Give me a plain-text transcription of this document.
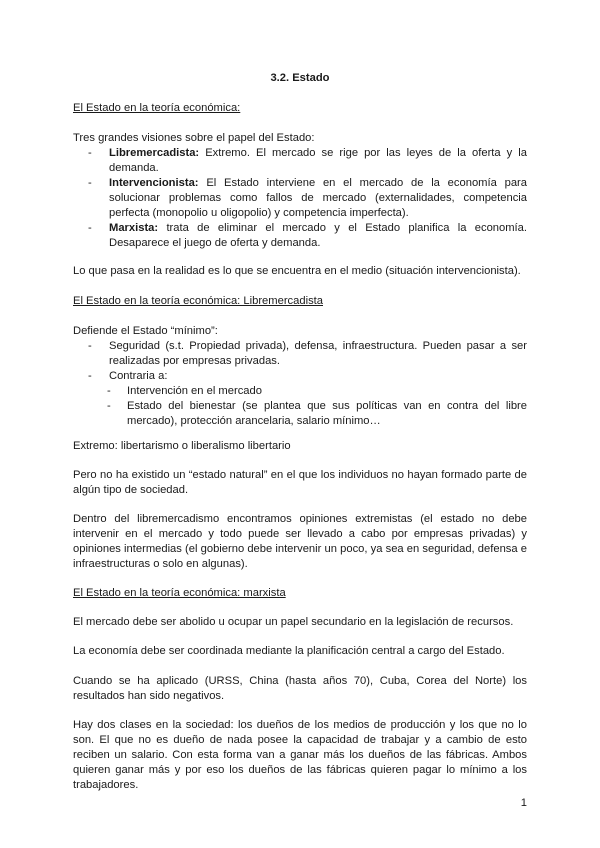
3.2. Estado

El Estado en la teoría económica:

Tres grandes visiones sobre el papel del Estado:

- Libremercadista: Extremo. El mercado se rige por las leyes de la oferta y la demanda.
- Intervencionista: El Estado interviene en el mercado de la economía para solucionar problemas como fallos de mercado (externalidades, competencia perfecta (monopolio u oligopolio) y competencia imperfecta).
- Marxista: trata de eliminar el mercado y el Estado planifica la economía. Desaparece el juego de oferta y demanda.

Lo que pasa en la realidad es lo que se encuentra en el medio (situación intervencionista).

El Estado en la teoría económica: Libremercadista

Defiende el Estado “mínimo”:

- Seguridad (s.t. Propiedad privada), defensa, infraestructura. Pueden pasar a ser realizadas por empresas privadas.
- Contraria a:
- Intervención en el mercado
- Estado del bienestar (se plantea que sus políticas van en contra del libre mercado), protección arancelaria, salario mínimo…

Extremo: libertarismo o liberalismo libertario

Pero no ha existido un “estado natural” en el que los individuos no hayan formado parte de algún tipo de sociedad.

Dentro del libremercadismo encontramos opiniones extremistas (el estado no debe intervenir en el mercado y todo puede ser llevado a cabo por empresas privadas) y opiniones intermedias (el gobierno debe intervenir un poco, ya sea en seguridad, defensa e infraestructuras o solo en algunas).

El Estado en la teoría económica: marxista

El mercado debe ser abolido u ocupar un papel secundario en la legislación de recursos.

La economía debe ser coordinada mediante la planificación central a cargo del Estado.

Cuando se ha aplicado (URSS, China (hasta años 70), Cuba, Corea del Norte) los resultados han sido negativos.

Hay dos clases en la sociedad: los dueños de los medios de producción y los que no lo son. El que no es dueño de nada posee la capacidad de trabajar y a cambio de esto reciben un salario. Con esta forma van a ganar más los dueños de las fábricas. Ambos quieren ganar más y por eso los dueños de las fábricas quieren pagar lo mínimo a los trabajadores.

1
